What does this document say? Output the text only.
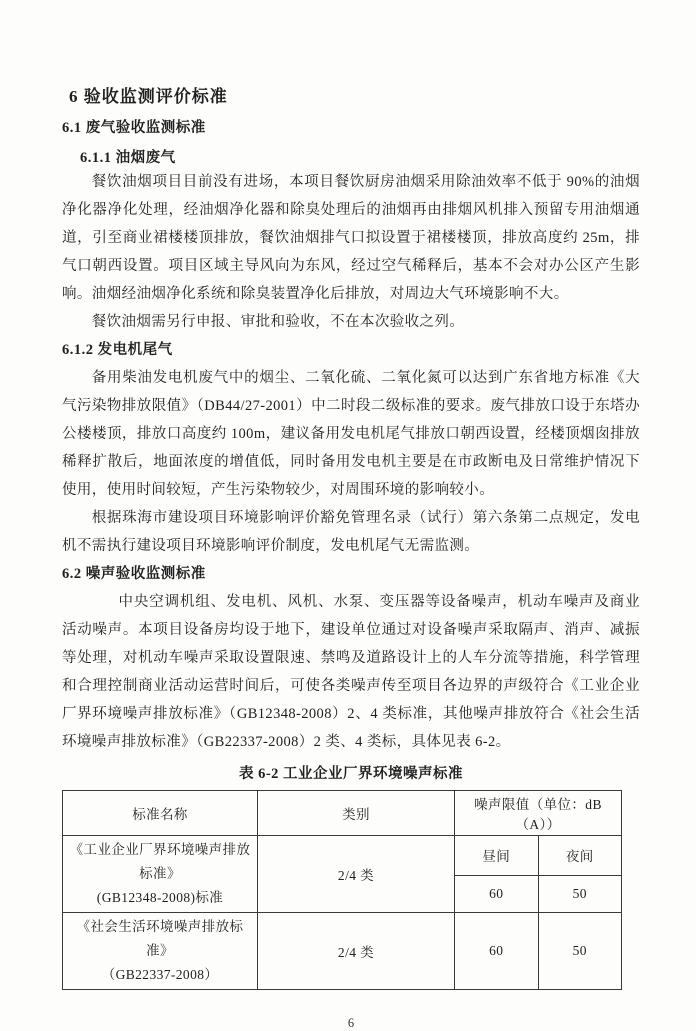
6 验收监测评价标准
6.1 废气验收监测标准
6.1.1 油烟废气

餐饮油烟项目目前没有进场，本项目餐饮厨房油烟采用除油效率不低于 90%的油烟净化器净化处理，经油烟净化器和除臭处理后的油烟再由排烟风机排入预留专用油烟通道，引至商业裙楼楼顶排放，餐饮油烟排气口拟设置于裙楼楼顶，排放高度约 25m，排气口朝西设置。项目区域主导风向为东风，经过空气稀释后，基本不会对办公区产生影响。油烟经油烟净化系统和除臭装置净化后排放，对周边大气环境影响不大。

餐饮油烟需另行申报、审批和验收，不在本次验收之列。

6.1.2 发电机尾气

备用柴油发电机废气中的烟尘、二氧化硫、二氧化氮可以达到广东省地方标准《大气污染物排放限值》（DB44/27-2001）中二时段二级标准的要求。废气排放口设于东塔办公楼楼顶，排放口高度约 100m，建议备用发电机尾气排放口朝西设置，经楼顶烟囱排放稀释扩散后，地面浓度的增值低，同时备用发电机主要是在市政断电及日常维护情况下使用，使用时间较短，产生污染物较少，对周围环境的影响较小。

根据珠海市建设项目环境影响评价豁免管理名录（试行）第六条第二点规定，发电机不需执行建设项目环境影响评价制度，发电机尾气无需监测。

6.2 噪声验收监测标准

中央空调机组、发电机、风机、水泵、变压器等设备噪声，机动车噪声及商业活动噪声。本项目设备房均设于地下，建设单位通过对设备噪声采取隔声、消声、减振等处理，对机动车噪声采取设置限速、禁鸣及道路设计上的人车分流等措施，科学管理和合理控制商业活动运营时间后，可使各类噪声传至项目各边界的声级符合《工业企业厂界环境噪声排放标准》（GB12348-2008）2、4 类标准，其他噪声排放符合《社会生活环境噪声排放标准》（GB22337-2008）2 类、4 类标，具体见表 6-2。

表 6-2 工业企业厂界环境噪声标准
标准名称	类别	噪声限值（单位：dB（A））	

《工业企业厂界环境噪声排放标准》
(GB12348-2008)标准	2/4 类	昼间	夜间
		60	50

《社会生活环境噪声排放标准》
（GB22337-2008）	2/4 类	60	50
6
